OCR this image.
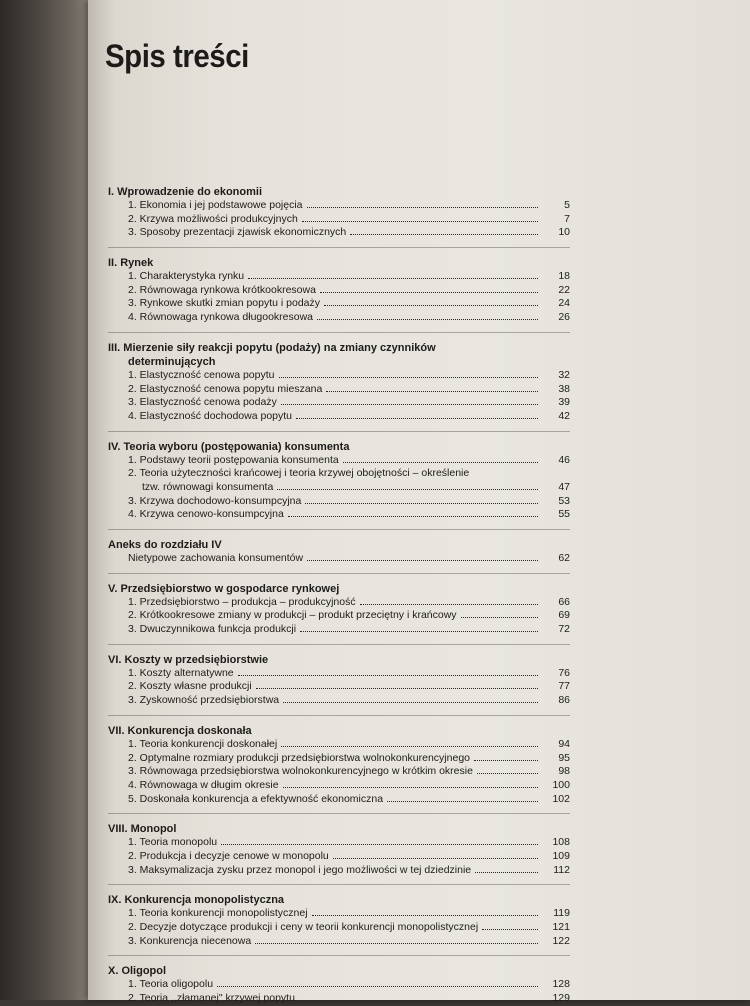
Spis treści
I. Wprowadzenie do ekonomii
1. Ekonomia i jej podstawowe pojęcia	5
2. Krzywa możliwości produkcyjnych	7
3. Sposoby prezentacji zjawisk ekonomicznych	10
II. Rynek
1. Charakterystyka rynku	18
2. Równowaga rynkowa krótkookresowa	22
3. Rynkowe skutki zmian popytu i podaży	24
4. Równowaga rynkowa długookresowa	26
III. Mierzenie siły reakcji popytu (podaży) na zmiany czynników
determinujących
1. Elastyczność cenowa popytu	32
2. Elastyczność cenowa popytu mieszana	38
3. Elastyczność cenowa podaży	39
4. Elastyczność dochodowa popytu	42
IV. Teoria wyboru (postępowania) konsumenta
1. Podstawy teorii postępowania konsumenta	46
2. Teoria użyteczności krańcowej i teoria krzywej obojętności – określenie
tzw. równowagi konsumenta	47
3. Krzywa dochodowo-konsumpcyjna	53
4. Krzywa cenowo-konsumpcyjna	55
Aneks do rozdziału IV
Nietypowe zachowania konsumentów	62
V. Przedsiębiorstwo w gospodarce rynkowej
1. Przedsiębiorstwo – produkcja – produkcyjność	66
2. Krótkookresowe zmiany w produkcji – produkt przeciętny i krańcowy	69
3. Dwuczynnikowa funkcja produkcji	72
VI. Koszty w przedsiębiorstwie
1. Koszty alternatywne	76
2. Koszty własne produkcji	77
3. Zyskowność przedsiębiorstwa	86
VII. Konkurencja doskonała
1. Teoria konkurencji doskonałej	94
2. Optymalne rozmiary produkcji przedsiębiorstwa wolnokonkurencyjnego	95
3. Równowaga przedsiębiorstwa wolnokonkurencyjnego w krótkim okresie	98
4. Równowaga w długim okresie	100
5. Doskonała konkurencja a efektywność ekonomiczna	102
VIII. Monopol
1. Teoria monopolu	108
2. Produkcja i decyzje cenowe w monopolu	109
3. Maksymalizacja zysku przez monopol i jego możliwości w tej dziedzinie	112
IX. Konkurencja monopolistyczna
1. Teoria konkurencji monopolistycznej	119
2. Decyzje dotyczące produkcji i ceny w teorii konkurencji monopolistycznej	121
3. Konkurencja niecenowa	122
X. Oligopol
1. Teoria oligopolu	128
2. Teoria ,,złamanej" krzywej popytu	129
